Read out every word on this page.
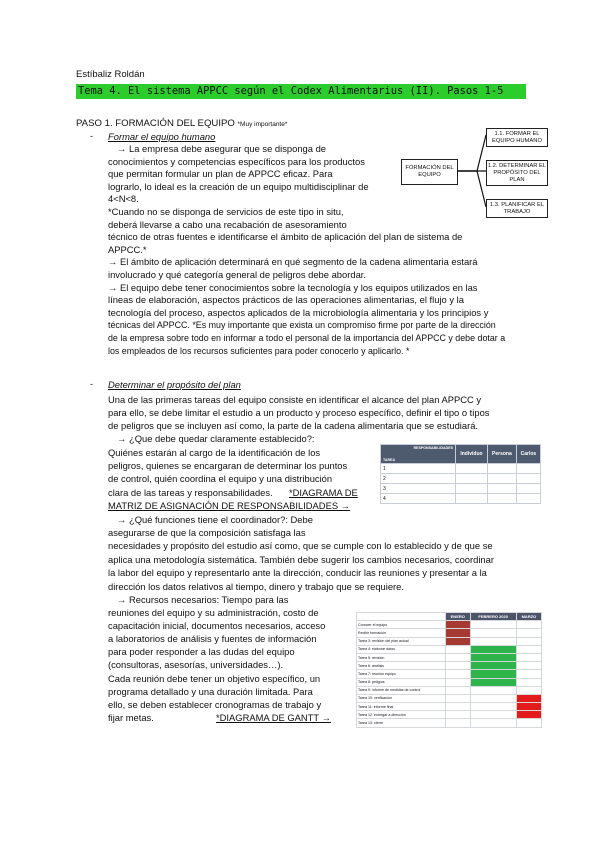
Estíbaliz Roldán
Tema 4. El sistema APPCC según el Codex Alimentarius (II). Pasos 1-5
PASO 1. FORMACIÓN DEL EQUIPO *Muy importante*
- Formar el equipo humano
→ La empresa debe asegurar que se disponga de
conocimientos y competencias específicos para los productos
que permitan formular un plan de APPCC eficaz. Para
lograrlo, lo ideal es la creación de un equipo multidisciplinar de
4<N<8.
*Cuando no se disponga de servicios de este tipo in situ,
deberá llevarse a cabo una recabación de asesoramiento
técnico de otras fuentes e identificarse el ámbito de aplicación del plan de sistema de
APPCC.*
→ El ámbito de aplicación determinará en qué segmento de la cadena alimentaria estará
involucrado y qué categoría general de peligros debe abordar.
→ El equipo debe tener conocimientos sobre la tecnología y los equipos utilizados en las
líneas de elaboración, aspectos prácticos de las operaciones alimentarias, el flujo y la
tecnología del proceso, aspectos aplicados de la microbiología alimentaria y los principios y
técnicas del APPCC. *Es muy importante que exista un compromiso firme por parte de la dirección
de la empresa sobre todo en informar a todo el personal de la importancia del APPCC y debe dotar a
los empleados de los recursos suficientes para poder conocerlo y aplicarlo. *
FORMACIÓN DEL EQUIPO
1.1. FORMAR EL EQUIPO HUMANO
1.2. DETERMINAR EL PROPÓSITO DEL PLAN
1.3. PLANIFICAR EL TRABAJO
- Determinar el propósito del plan
Una de las primeras tareas del equipo consiste en identificar el alcance del plan APPCC y
para ello, se debe limitar el estudio a un producto y proceso específico, definir el tipo o tipos
de peligros que se incluyen así como, la parte de la cadena alimentaria que se estudiará.
→ ¿Que debe quedar claramente establecido?:
Quiénes estarán al cargo de la identificación de los
peligros, quienes se encargaran de determinar los puntos
de control, quién coordina el equipo y una distribución
clara de las tareas y responsabilidades. *DIAGRAMA DE
MATRIZ DE ASIGNACIÓN DE RESPONSABILIDADES →
→ ¿Qué funciones tiene el coordinador?: Debe
asegurarse de que la composición satisfaga las
necesidades y propósito del estudio así como, que se cumple con lo establecido y de que se
aplica una metodología sistemática. También debe sugerir los cambios necesarios, coordinar
la labor del equipo y representarlo ante la dirección, conducir las reuniones y presentar a la
dirección los datos relativos al tiempo, dinero y trabajo que se requiere.
→ Recursos necesarios: Tiempo para las
reuniones del equipo y su administración, costo de
capacitación inicial, documentos necesarios, acceso
a laboratorios de análisis y fuentes de información
para poder responder a las dudas del equipo
(consultoras, asesorías, universidades…).
Cada reunión debe tener un objetivo específico, un
programa detallado y una duración limitada. Para
ello, se deben establecer cronogramas de trabajo y
fijar metas.	*DIAGRAMA DE GANTT →
RESPONSABILIDADES
TAREA	Individuo	Persona	Carlos
1			
2			
3			
4			
	ENERO	FEBRERO 2020	MARZO
Conocer el equipo			
Recibir formación			
Tarea 3: revisión del plan actual			
Tarea 4: elaborar datos			
Tarea 5: revisión			
Tarea 6: análisis			
Tarea 7: reunión equipo			
Tarea 8: peligros			
Tarea 9: informe de medidas de control			
Tarea 10: verificación			
Tarea 11: informe final			
Tarea 12: entregar a dirección			
Tarea 13: cierre			
